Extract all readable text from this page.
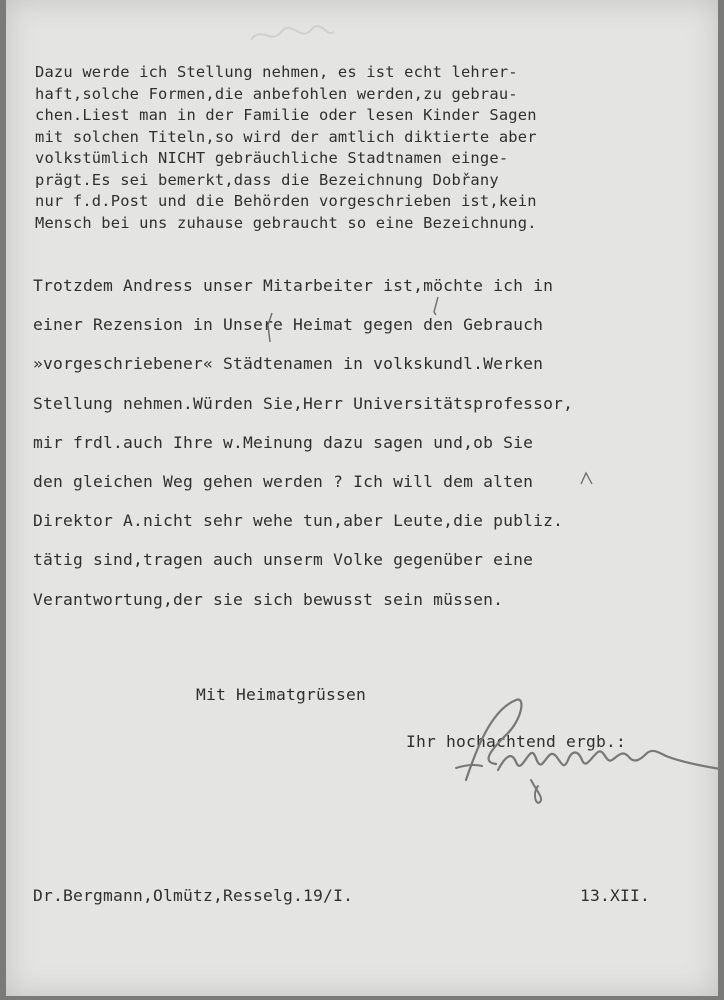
Dazu werde ich Stellung nehmen, es ist echt lehrer-
haft,solche Formen,die anbefohlen werden,zu gebrau-
chen.Liest man in der Familie oder lesen Kinder Sagen
mit solchen Titeln,so wird der amtlich diktierte aber
volkstümlich NICHT gebräuchliche Stadtnamen einge-
prägt.Es sei bemerkt,dass die Bezeichnung Dobřany
nur f.d.Post und die Behörden vorgeschrieben ist,kein
Mensch bei uns zuhause gebraucht so eine Bezeichnung.

Trotzdem Andress unser Mitarbeiter ist,möchte ich in
einer Rezension in Unsere Heimat gegen den Gebrauch
»vorgeschriebener« Städtenamen in volkskundl.Werken
Stellung nehmen.Würden Sie,Herr Universitätsprofessor,
mir frdl.auch Ihre w.Meinung dazu sagen und,ob Sie
den gleichen Weg gehen werden ? Ich will dem alten
Direktor A.nicht sehr wehe tun,aber Leute,die publiz.
tätig sind,tragen auch unserm Volke gegenüber eine
Verantwortung,der sie sich bewusst sein müssen.

Mit Heimatgrüssen

Ihr hochachtend ergb.:

Dr.Bergmann,Olmütz,Resselg.19/I.	13.XII.
